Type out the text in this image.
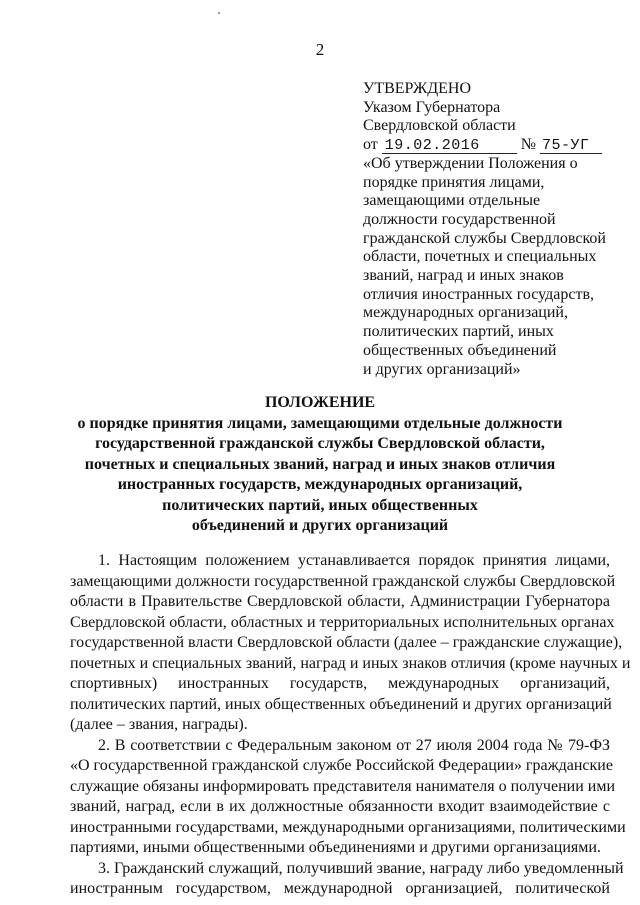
2
УТВЕРЖДЕНО
Указом Губернатора
Свердловской области
от 19.02.2016	№ 75-УГ
«Об утверждении Положения о
порядке принятия лицами,
замещающими отдельные
должности государственной
гражданской службы Свердловской
области, почетных и специальных
званий, наград и иных знаков
отличия иностранных государств,
международных организаций,
политических партий, иных
общественных объединений
и других организаций»
ПОЛОЖЕНИЕ
о порядке принятия лицами, замещающими отдельные должности
государственной гражданской службы Свердловской области,
почетных и специальных званий, наград и иных знаков отличия
иностранных государств, международных организаций,
политических партий, иных общественных
объединений и других организаций
1. Настоящим положением устанавливается порядок принятия лицами,
замещающими должности государственной гражданской службы Свердловской
области в Правительстве Свердловской области, Администрации Губернатора
Свердловской области, областных и территориальных исполнительных органах
государственной власти Свердловской области (далее – гражданские служащие),
почетных и специальных званий, наград и иных знаков отличия (кроме научных и
спортивных) иностранных государств, международных организаций,
политических партий, иных общественных объединений и других организаций
(далее – звания, награды).
2. В соответствии с Федеральным законом от 27 июля 2004 года № 79-ФЗ
«О государственной гражданской службе Российской Федерации» гражданские
служащие обязаны информировать представителя нанимателя о получении ими
званий, наград, если в их должностные обязанности входит взаимодействие с
иностранными государствами, международными организациями, политическими
партиями, иными общественными объединениями и другими организациями.
3. Гражданский служащий, получивший звание, награду либо уведомленный
иностранным государством, международной организацией, политической
